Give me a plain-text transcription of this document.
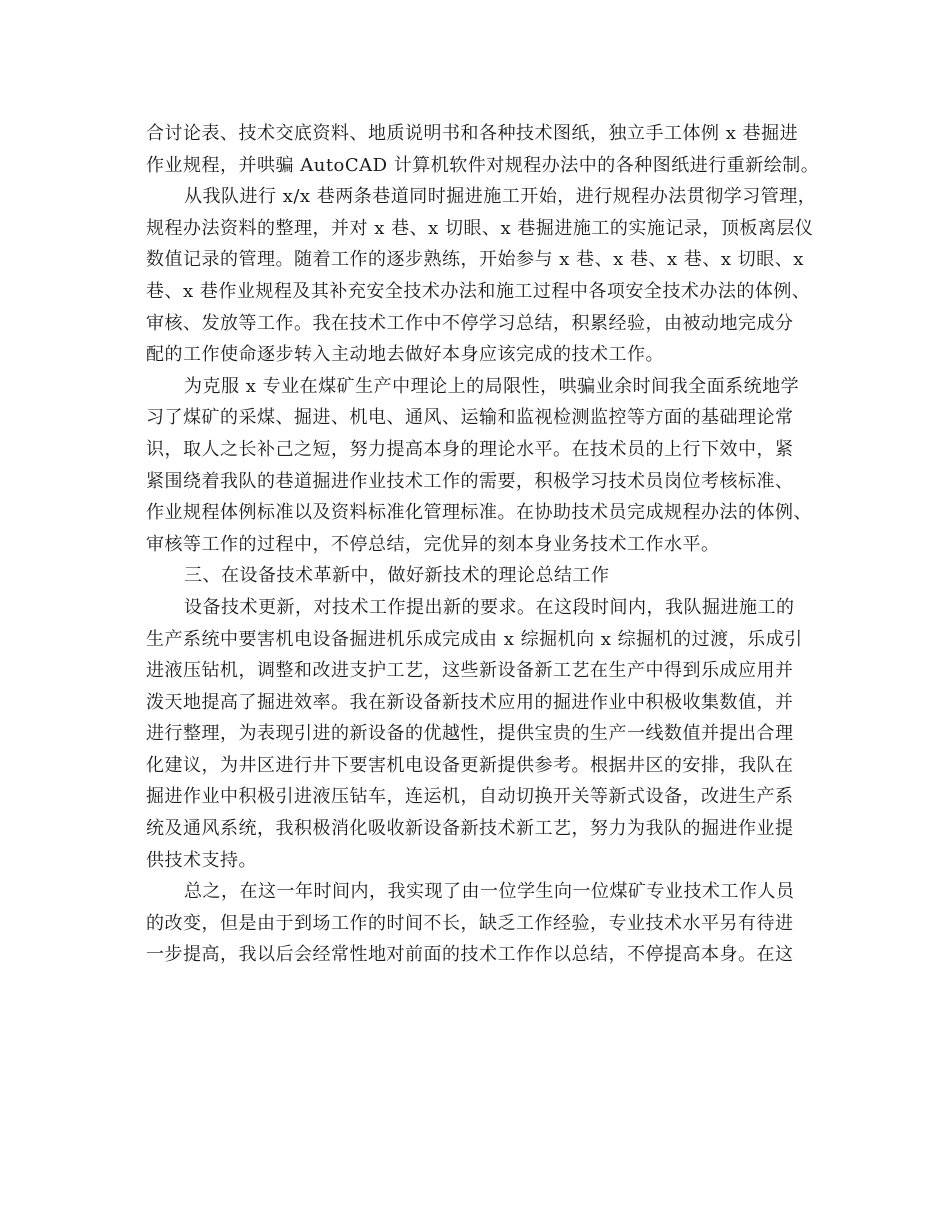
合讨论表、技术交底资料、地质说明书和各种技术图纸，独立手工体例 x 巷掘进
作业规程，并哄骗 AutoCAD 计算机软件对规程办法中的各种图纸进行重新绘制。
从我队进行 x/x 巷两条巷道同时掘进施工开始，进行规程办法贯彻学习管理，
规程办法资料的整理，并对 x 巷、x 切眼、x 巷掘进施工的实施记录，顶板离层仪
数值记录的管理。随着工作的逐步熟练，开始参与 x 巷、x 巷、x 巷、x 切眼、x
巷、x 巷作业规程及其补充安全技术办法和施工过程中各项安全技术办法的体例、
审核、发放等工作。我在技术工作中不停学习总结，积累经验，由被动地完成分
配的工作使命逐步转入主动地去做好本身应该完成的技术工作。
为克服 x 专业在煤矿生产中理论上的局限性，哄骗业余时间我全面系统地学
习了煤矿的采煤、掘进、机电、通风、运输和监视检测监控等方面的基础理论常
识，取人之长补己之短，努力提高本身的理论水平。在技术员的上行下效中，紧
紧围绕着我队的巷道掘进作业技术工作的需要，积极学习技术员岗位考核标准、
作业规程体例标准以及资料标准化管理标准。在协助技术员完成规程办法的体例、
审核等工作的过程中，不停总结，完优异的刻本身业务技术工作水平。
三、在设备技术革新中，做好新技术的理论总结工作
设备技术更新，对技术工作提出新的要求。在这段时间内，我队掘进施工的
生产系统中要害机电设备掘进机乐成完成由 x 综掘机向 x 综掘机的过渡，乐成引
进液压钻机，调整和改进支护工艺，这些新设备新工艺在生产中得到乐成应用并
泼天地提高了掘进效率。我在新设备新技术应用的掘进作业中积极收集数值，并
进行整理，为表现引进的新设备的优越性，提供宝贵的生产一线数值并提出合理
化建议，为井区进行井下要害机电设备更新提供参考。根据井区的安排，我队在
掘进作业中积极引进液压钻车，连运机，自动切换开关等新式设备，改进生产系
统及通风系统，我积极消化吸收新设备新技术新工艺，努力为我队的掘进作业提
供技术支持。
总之，在这一年时间内，我实现了由一位学生向一位煤矿专业技术工作人员
的改变，但是由于到场工作的时间不长，缺乏工作经验，专业技术水平另有待进
一步提高，我以后会经常性地对前面的技术工作作以总结，不停提高本身。在这
